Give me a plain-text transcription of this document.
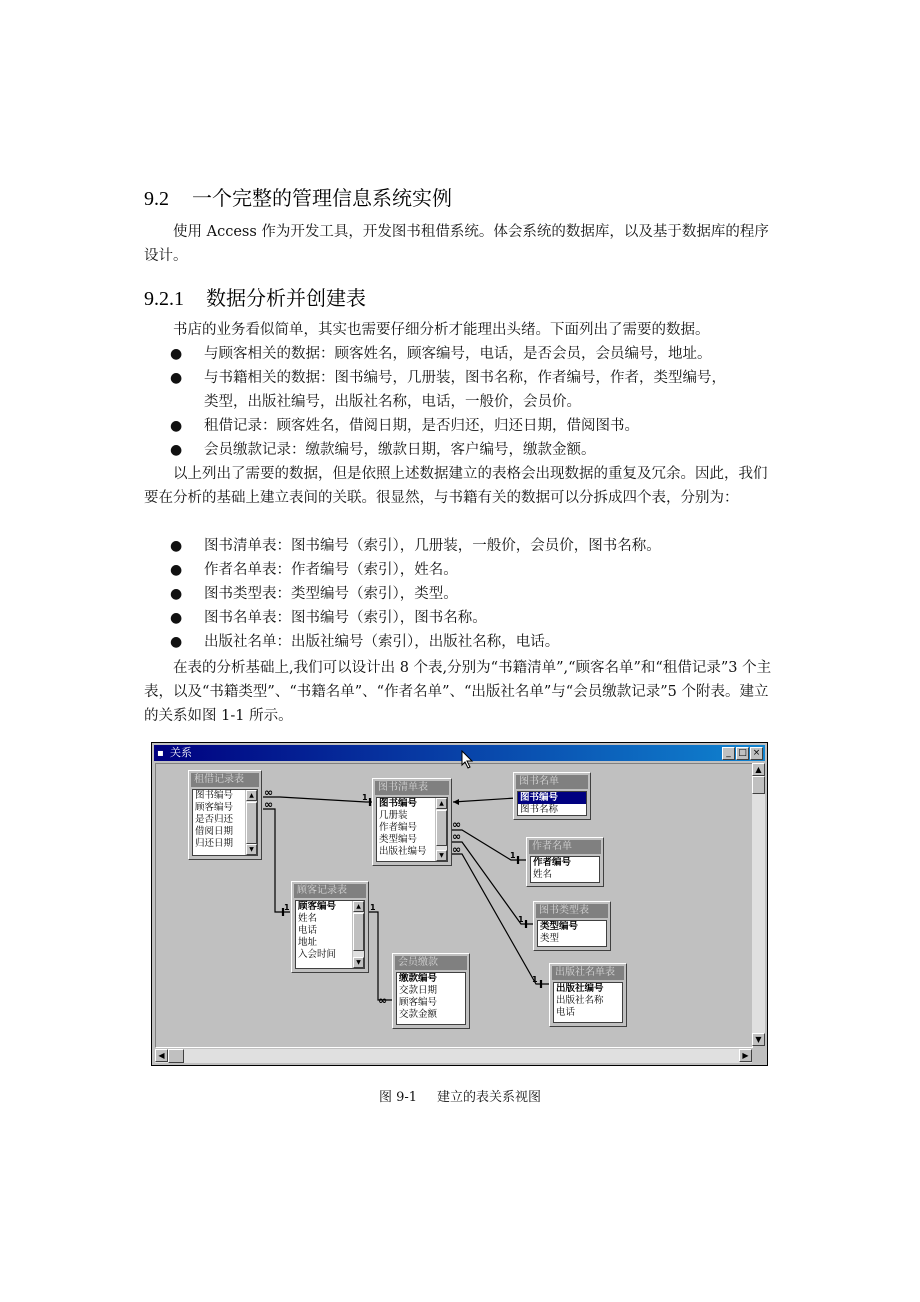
9.2 一个完整的管理信息系统实例
使用 Access 作为开发工具，开发图书租借系统。体会系统的数据库，以及基于数据库的程序设计。
9.2.1 数据分析并创建表
书店的业务看似简单，其实也需要仔细分析才能理出头绪。下面列出了需要的数据。
●	与顾客相关的数据：顾客姓名，顾客编号，电话，是否会员，会员编号，地址。
●	与书籍相关的数据：图书编号，几册装，图书名称，作者编号，作者，类型编号，
类型，出版社编号，出版社名称，电话，一般价，会员价。
●	租借记录：顾客姓名，借阅日期，是否归还，归还日期，借阅图书。
●	会员缴款记录：缴款编号，缴款日期，客户编号，缴款金额。
以上列出了需要的数据，但是依照上述数据建立的表格会出现数据的重复及冗余。因此，我们要在分析的基础上建立表间的关联。很显然，与书籍有关的数据可以分拆成四个表，分别为：
●	图书清单表：图书编号（索引），几册装，一般价，会员价，图书名称。
●	作者名单表：作者编号（索引），姓名。
●	图书类型表：类型编号（索引），类型。
●	图书名单表：图书编号（索引），图书名称。
●	出版社名单：出版社编号（索引），出版社名称，电话。
在表的分析基础上,我们可以设计出 8 个表,分别为“书籍清单”,“顾客名单”和“租借记录”3 个主表，以及“书籍类型”、“书籍名单”、“作者名单”、“出版社名单”与“会员缴款记录”5 个附表。建立的关系如图 1-1 所示。
▪ 关系	_ □ ×
1
1	1
1
1
1
∞
∞
∞
∞
∞
∞
租借记录表
图书编号
顾客编号
是否归还
借阅日期
归还日期
▲
▼
图书清单表
图书编号
几册装
作者编号
类型编号
出版社编号
▲
▼
图书名单
图书编号
图书名称
作者名单
作者编号
姓名
顾客记录表
顾客编号
姓名
电话
地址
入会时间
▲
▼
图书类型表
类型编号
类型
会员缴款
缴款编号
交款日期
顾客编号
交款金额
出版社名单表
出版社编号
出版社名称
电话
▲
▼
◀	▶
图 9-1 建立的表关系视图
